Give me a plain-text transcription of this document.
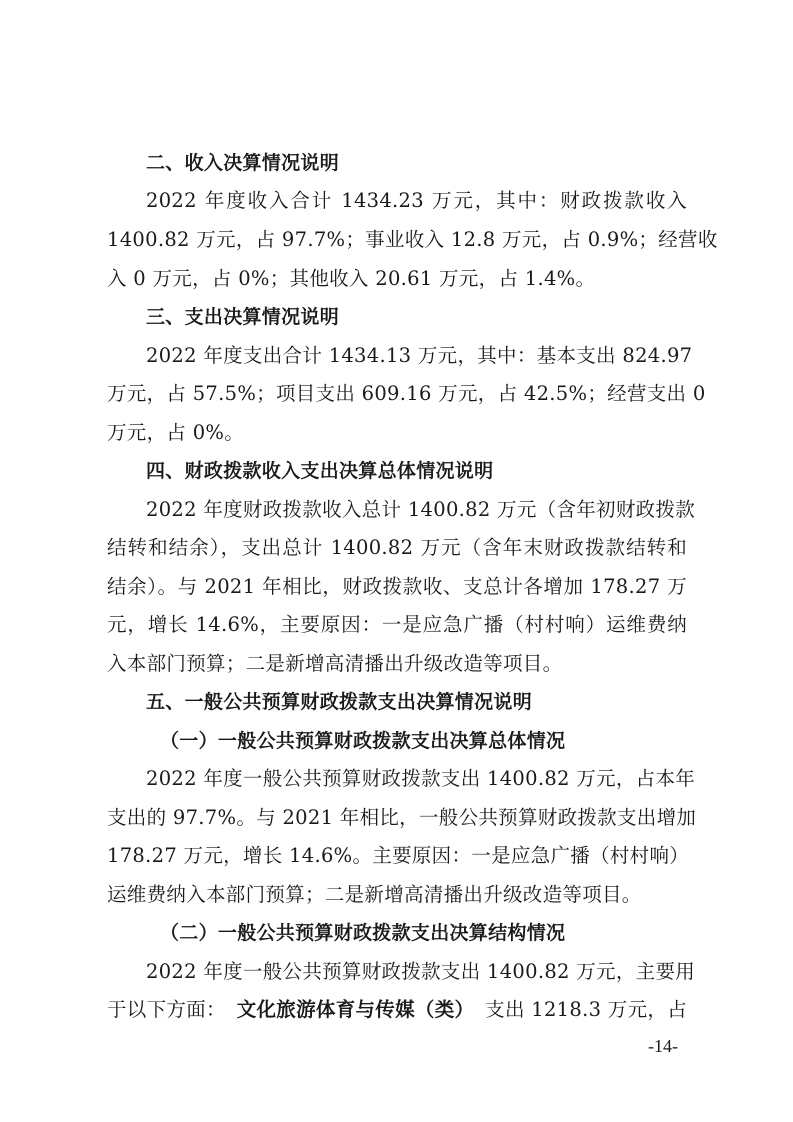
二、收入决算情况说明
2022 年度收入合计 1434.23 万元，其中：财政拨款收入
1400.82 万元，占 97.7%；事业收入 12.8 万元，占 0.9%；经营收
入 0 万元，占 0%；其他收入 20.61 万元，占 1.4%。
三、支出决算情况说明
2022 年度支出合计 1434.13 万元，其中：基本支出 824.97
万元，占 57.5%；项目支出 609.16 万元，占 42.5%；经营支出 0
万元，占 0%。
四、财政拨款收入支出决算总体情况说明
2022 年度财政拨款收入总计 1400.82 万元（含年初财政拨款
结转和结余），支出总计 1400.82 万元（含年末财政拨款结转和
结余）。与 2021 年相比，财政拨款收、支总计各增加 178.27 万
元，增长 14.6%，主要原因：一是应急广播（村村响）运维费纳
入本部门预算；二是新增高清播出升级改造等项目。
五、一般公共预算财政拨款支出决算情况说明
（一）一般公共预算财政拨款支出决算总体情况
2022 年度一般公共预算财政拨款支出 1400.82 万元，占本年
支出的 97.7%。与 2021 年相比，一般公共预算财政拨款支出增加
178.27 万元，增长 14.6%。主要原因：一是应急广播（村村响）
运维费纳入本部门预算；二是新增高清播出升级改造等项目。
（二）一般公共预算财政拨款支出决算结构情况
2022 年度一般公共预算财政拨款支出 1400.82 万元，主要用
于以下方面： 文化旅游体育与传媒（类） 支出 1218.3 万元，占
-14-
